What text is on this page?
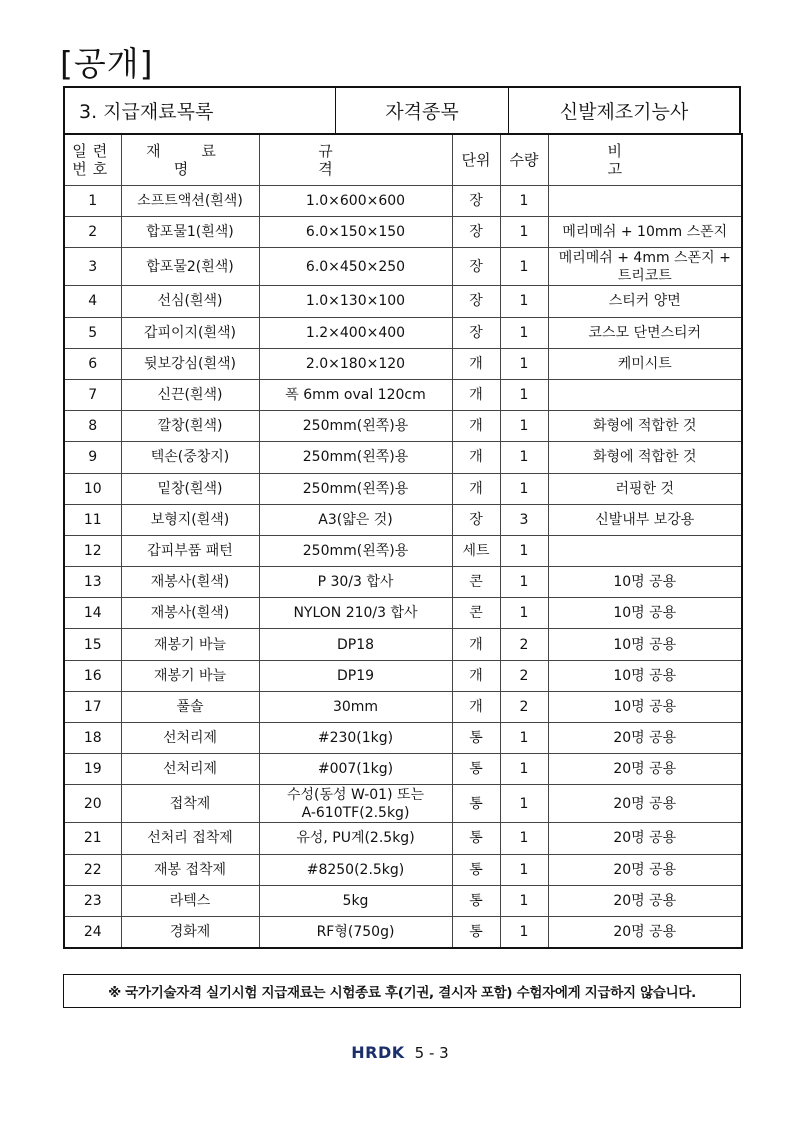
[공개]
3. 지급재료목록	자격종목	신발제조기능사
일련
번호	재 료 명	규 격	단위	수량	비 고
1	소프트액션(흰색)	1.0×600×600	장	1	
2	합포물1(흰색)	6.0×150×150	장	1	메리메쉬 + 10mm 스폰지
3	합포물2(흰색)	6.0×450×250	장	1	메리메쉬 + 4mm 스폰지 +
트리코트
4	선심(흰색)	1.0×130×100	장	1	스티커 양면
5	갑피이지(흰색)	1.2×400×400	장	1	코스모 단면스티커
6	뒷보강심(흰색)	2.0×180×120	개	1	케미시트
7	신끈(흰색)	폭 6mm oval 120cm	개	1	
8	깔창(흰색)	250mm(왼쪽)용	개	1	화형에 적합한 것
9	텍손(중창지)	250mm(왼쪽)용	개	1	화형에 적합한 것
10	밑창(흰색)	250mm(왼쪽)용	개	1	러핑한 것
11	보형지(흰색)	A3(얇은 것)	장	3	신발내부 보강용
12	갑피부품 패턴	250mm(왼쪽)용	세트	1	
13	재봉사(흰색)	P 30/3 합사	콘	1	10명 공용
14	재봉사(흰색)	NYLON 210/3 합사	콘	1	10명 공용
15	재봉기 바늘	DP18	개	2	10명 공용
16	재봉기 바늘	DP19	개	2	10명 공용
17	풀솔	30mm	개	2	10명 공용
18	선처리제	#230(1kg)	통	1	20명 공용
19	선처리제	#007(1kg)	통	1	20명 공용
20	접착제	수성(동성 W-01) 또는
A-610TF(2.5kg)	통	1	20명 공용
21	선처리 접착제	유성, PU계(2.5kg)	통	1	20명 공용
22	재봉 접착제	#8250(2.5kg)	통	1	20명 공용
23	라텍스	5kg	통	1	20명 공용
24	경화제	RF형(750g)	통	1	20명 공용
※ 국가기술자격 실기시험 지급재료는 시험종료 후(기권, 결시자 포함) 수험자에게 지급하지 않습니다.
HRDK 5 - 3
